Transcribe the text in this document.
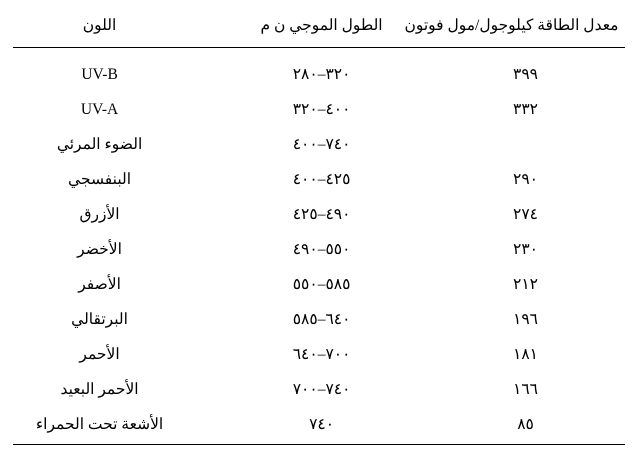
معدل الطاقة كيلوجول/مول فوتون	الطول الموجي ن م	اللون

٣٩٩	٣٢٠–٢٨٠	UV-B
٣٣٢	٤٠٠–٣٢٠	UV-A
	٧٤٠–٤٠٠	الضوء المرئي
٢٩٠	٤٢٥–٤٠٠	البنفسجي
٢٧٤	٤٩٠–٤٢٥	الأزرق
٢٣٠	٥٥٠–٤٩٠	الأخضر
٢١٢	٥٨٥–٥٥٠	الأصفر
١٩٦	٦٤٠–٥٨٥	البرتقالي
١٨١	٧٠٠–٦٤٠	الأحمر
١٦٦	٧٤٠–٧٠٠	الأحمر البعيد
٨٥	٧٤٠	الأشعة تحت الحمراء
